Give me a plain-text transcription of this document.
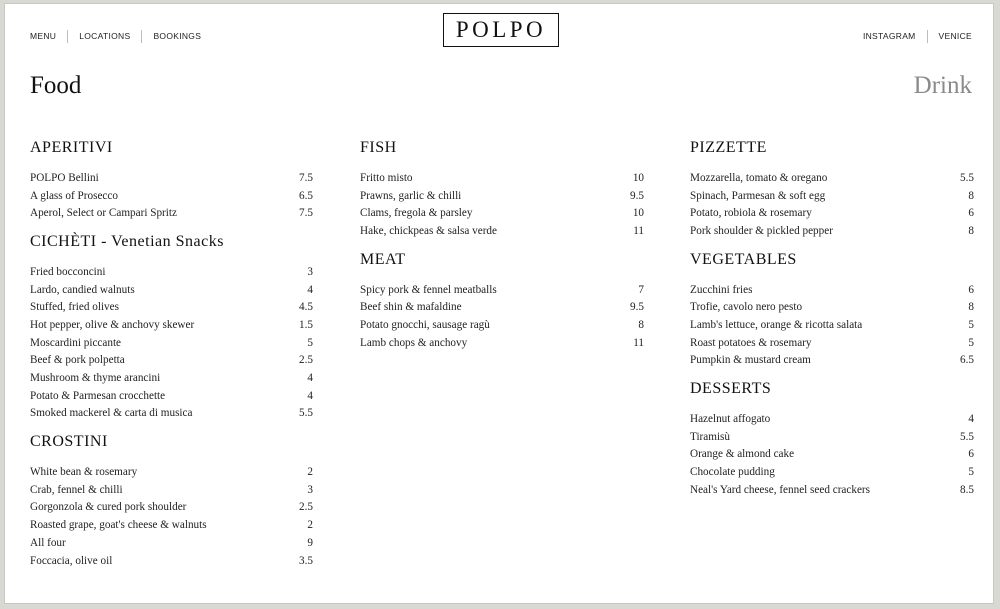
MENU	LOCATIONS	BOOKINGS	POLPO	INSTAGRAM	VENICE
Food	Drink
APERITIVI
POLPO Bellini	7.5
A glass of Prosecco	6.5
Aperol, Select or Campari Spritz	7.5
CICHÈTI - Venetian Snacks
Fried bocconcini	3
Lardo, candied walnuts	4
Stuffed, fried olives	4.5
Hot pepper, olive & anchovy skewer	1.5
Moscardini piccante	5
Beef & pork polpetta	2.5
Mushroom & thyme arancini	4
Potato & Parmesan crocchette	4
Smoked mackerel & carta di musica	5.5
CROSTINI
White bean & rosemary	2
Crab, fennel & chilli	3
Gorgonzola & cured pork shoulder	2.5
Roasted grape, goat's cheese & walnuts	2
All four	9
Foccacia, olive oil	3.5
FISH
Fritto misto	10
Prawns, garlic & chilli	9.5
Clams, fregola & parsley	10
Hake, chickpeas & salsa verde	11
MEAT
Spicy pork & fennel meatballs	7
Beef shin & mafaldine	9.5
Potato gnocchi, sausage ragù	8
Lamb chops & anchovy	11
PIZZETTE
Mozzarella, tomato & oregano	5.5
Spinach, Parmesan & soft egg	8
Potato, robiola & rosemary	6
Pork shoulder & pickled pepper	8
VEGETABLES
Zucchini fries	6
Trofie, cavolo nero pesto	8
Lamb's lettuce, orange & ricotta salata	5
Roast potatoes & rosemary	5
Pumpkin & mustard cream	6.5
DESSERTS
Hazelnut affogato	4
Tiramisù	5.5
Orange & almond cake	6
Chocolate pudding	5
Neal's Yard cheese, fennel seed crackers	8.5
